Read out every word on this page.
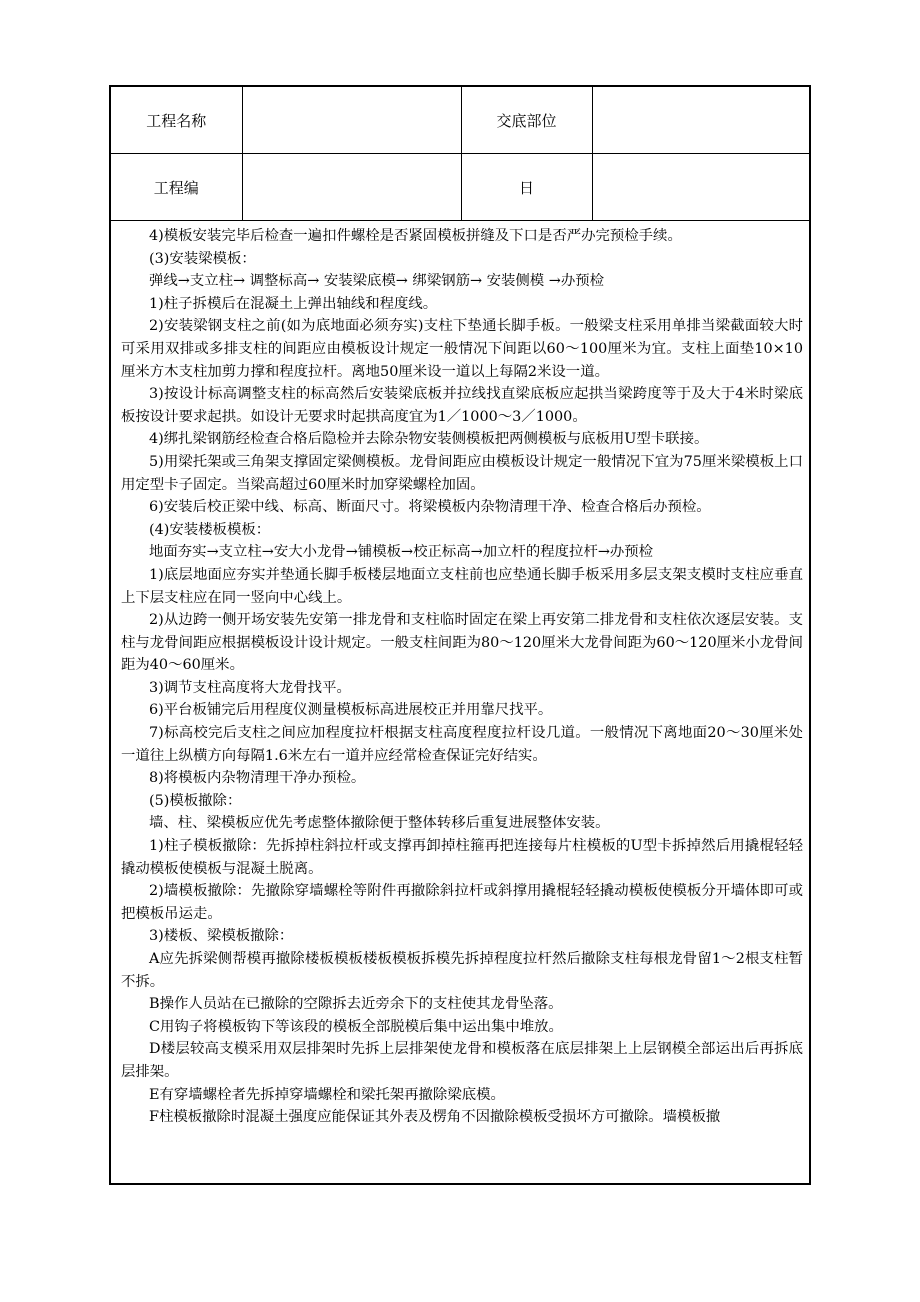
工程名称		交底部位	
工程编		日	

4)模板安装完毕后检查一遍扣件螺栓是否紧固模板拼缝及下口是否严办完预检手续。

(3)安装梁模板：

弹线→支立柱→ 调整标高→ 安装梁底模→ 绑梁钢筋→ 安装侧模 →办预检

1)柱子拆模后在混凝土上弹出轴线和程度线。

2)安装梁钢支柱之前(如为底地面必须夯实)支柱下垫通长脚手板。一般梁支柱采用单排当梁截面较大时可采用双排或多排支柱的间距应由模板设计规定一般情况下间距以60～100厘米为宜。支柱上面垫10×10厘米方木支柱加剪力撑和程度拉杆。离地50厘米设一道以上每隔2米设一道。

3)按设计标高调整支柱的标高然后安装梁底板并拉线找直梁底板应起拱当梁跨度等于及大于4米时梁底板按设计要求起拱。如设计无要求时起拱高度宜为1／1000～3／1000。

4)绑扎梁钢筋经检查合格后隐检并去除杂物安装侧模板把两侧模板与底板用U型卡联接。

5)用梁托架或三角架支撑固定梁侧模板。龙骨间距应由模板设计规定一般情况下宜为75厘米梁模板上口用定型卡子固定。当梁高超过60厘米时加穿梁螺栓加固。

6)安装后校正梁中线、标高、断面尺寸。将梁模板内杂物清理干净、检查合格后办预检。

(4)安装楼板模板：

地面夯实→支立柱→安大小龙骨→铺模板→校正标高→加立杆的程度拉杆→办预检

1)底层地面应夯实并垫通长脚手板楼层地面立支柱前也应垫通长脚手板采用多层支架支模时支柱应垂直上下层支柱应在同一竖向中心线上。

2)从边跨一侧开场安装先安第一排龙骨和支柱临时固定在梁上再安第二排龙骨和支柱依次逐层安装。支柱与龙骨间距应根据模板设计设计规定。一般支柱间距为80～120厘米大龙骨间距为60～120厘米小龙骨间距为40～60厘米。

3)调节支柱高度将大龙骨找平。

6)平台板铺完后用程度仪测量模板标高进展校正并用靠尺找平。

7)标高校完后支柱之间应加程度拉杆根据支柱高度程度拉杆设几道。一般情况下离地面20～30厘米处一道往上纵横方向每隔1.6米左右一道并应经常检查保证完好结实。

8)将模板内杂物清理干净办预检。

(5)模板撤除：

墙、柱、梁模板应优先考虑整体撤除便于整体转移后重复进展整体安装。

1)柱子模板撤除：先拆掉柱斜拉杆或支撑再卸掉柱箍再把连接每片柱模板的U型卡拆掉然后用撬棍轻轻撬动模板使模板与混凝土脱离。

2)墙模板撤除：先撤除穿墙螺栓等附件再撤除斜拉杆或斜撑用撬棍轻轻撬动模板使模板分开墙体即可或把模板吊运走。

3)楼板、梁模板撤除：

A应先拆梁侧帮模再撤除楼板模板楼板模板拆模先拆掉程度拉杆然后撤除支柱每根龙骨留1～2根支柱暂不拆。

B操作人员站在已撤除的空隙拆去近旁余下的支柱使其龙骨坠落。

C用钩子将模板钩下等该段的模板全部脱模后集中运出集中堆放。

D楼层较高支模采用双层排架时先拆上层排架使龙骨和模板落在底层排架上上层钢模全部运出后再拆底层排架。

E有穿墙螺栓者先拆掉穿墙螺栓和梁托架再撤除梁底模。

F柱模板撤除时混凝土强度应能保证其外表及楞角不因撤除模板受损坏方可撤除。墙模板撤
